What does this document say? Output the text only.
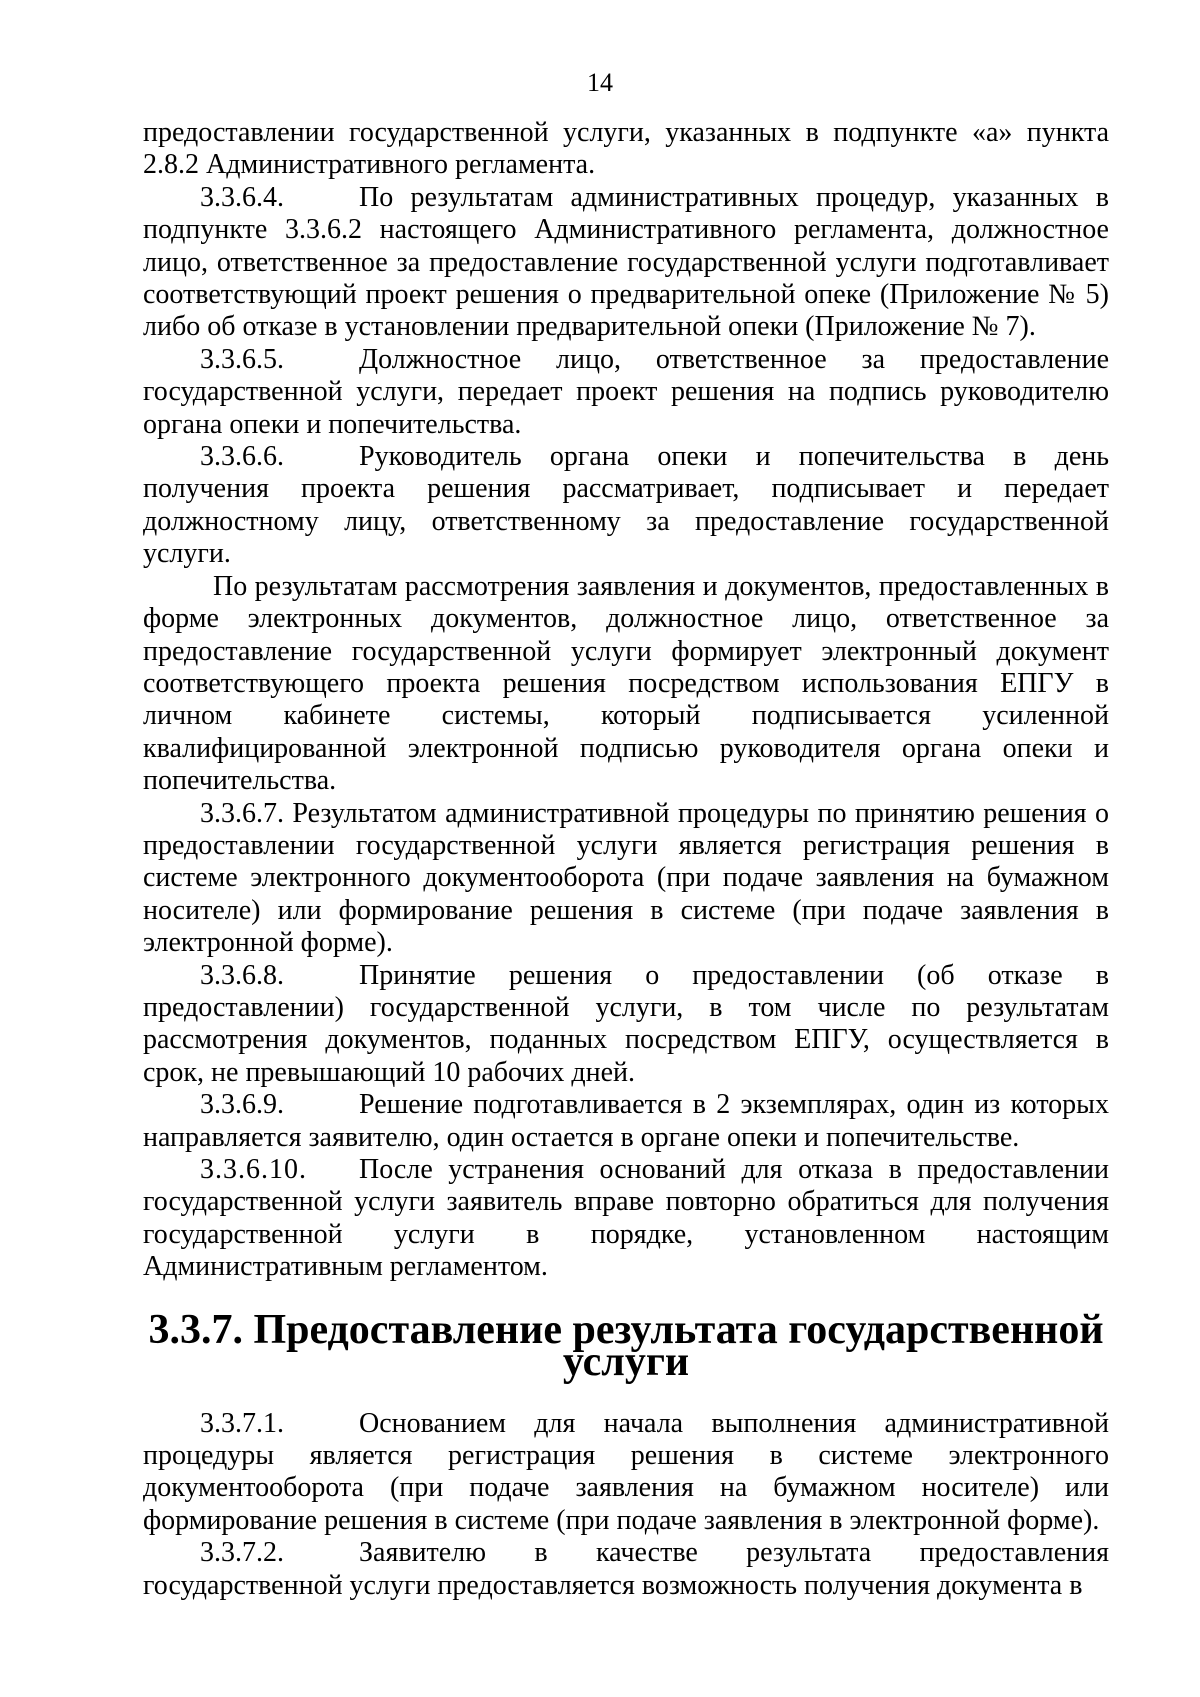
14

предоставлении государственной услуги, указанных в подпункте «а» пункта 2.8.2 Административного регламента.

3.3.6.4.	По результатам административных процедур, указанных в подпункте 3.3.6.2 настоящего Административного регламента, должностное лицо, ответственное за предоставление государственной услуги подготавливает соответствующий проект решения о предварительной опеке (Приложение № 5) либо об отказе в установлении предварительной опеки (Приложение № 7).

3.3.6.5.	Должностное лицо, ответственное за предоставление государственной услуги, передает проект решения на подпись руководителю органа опеки и попечительства.

3.3.6.6.	Руководитель органа опеки и попечительства в день получения проекта решения рассматривает, подписывает и передает должностному лицу, ответственному за предоставление государственной услуги.

По результатам рассмотрения заявления и документов, предоставленных в форме электронных документов, должностное лицо, ответственное за предоставление государственной услуги формирует электронный документ соответствующего проекта решения посредством использования ЕПГУ в личном кабинете системы, который подписывается усиленной квалифицированной электронной подписью руководителя органа опеки и попечительства.

3.3.6.7. Результатом административной процедуры по принятию решения о предоставлении государственной услуги является регистрация решения в системе электронного документооборота (при подаче заявления на бумажном носителе) или формирование решения в системе (при подаче заявления в электронной форме).

3.3.6.8.	Принятие решения о предоставлении (об отказе в предоставлении) государственной услуги, в том числе по результатам рассмотрения документов, поданных посредством ЕПГУ, осуществляется в срок, не превышающий 10 рабочих дней.

3.3.6.9.	Решение подготавливается в 2 экземплярах, один из которых направляется заявителю, один остается в органе опеки и попечительстве.

3.3.6.10. После устранения оснований для отказа в предоставлении государственной услуги заявитель вправе повторно обратиться для получения государственной услуги в порядке, установленном настоящим Административным регламентом.

3.3.7. Предоставление результата государственной услуги

3.3.7.1.	Основанием для начала выполнения административной процедуры является регистрация решения в системе электронного документооборота (при подаче заявления на бумажном носителе) или формирование решения в системе (при подаче заявления в электронной форме).

3.3.7.2.	Заявителю в качестве результата предоставления государственной услуги предоставляется возможность получения документа в
